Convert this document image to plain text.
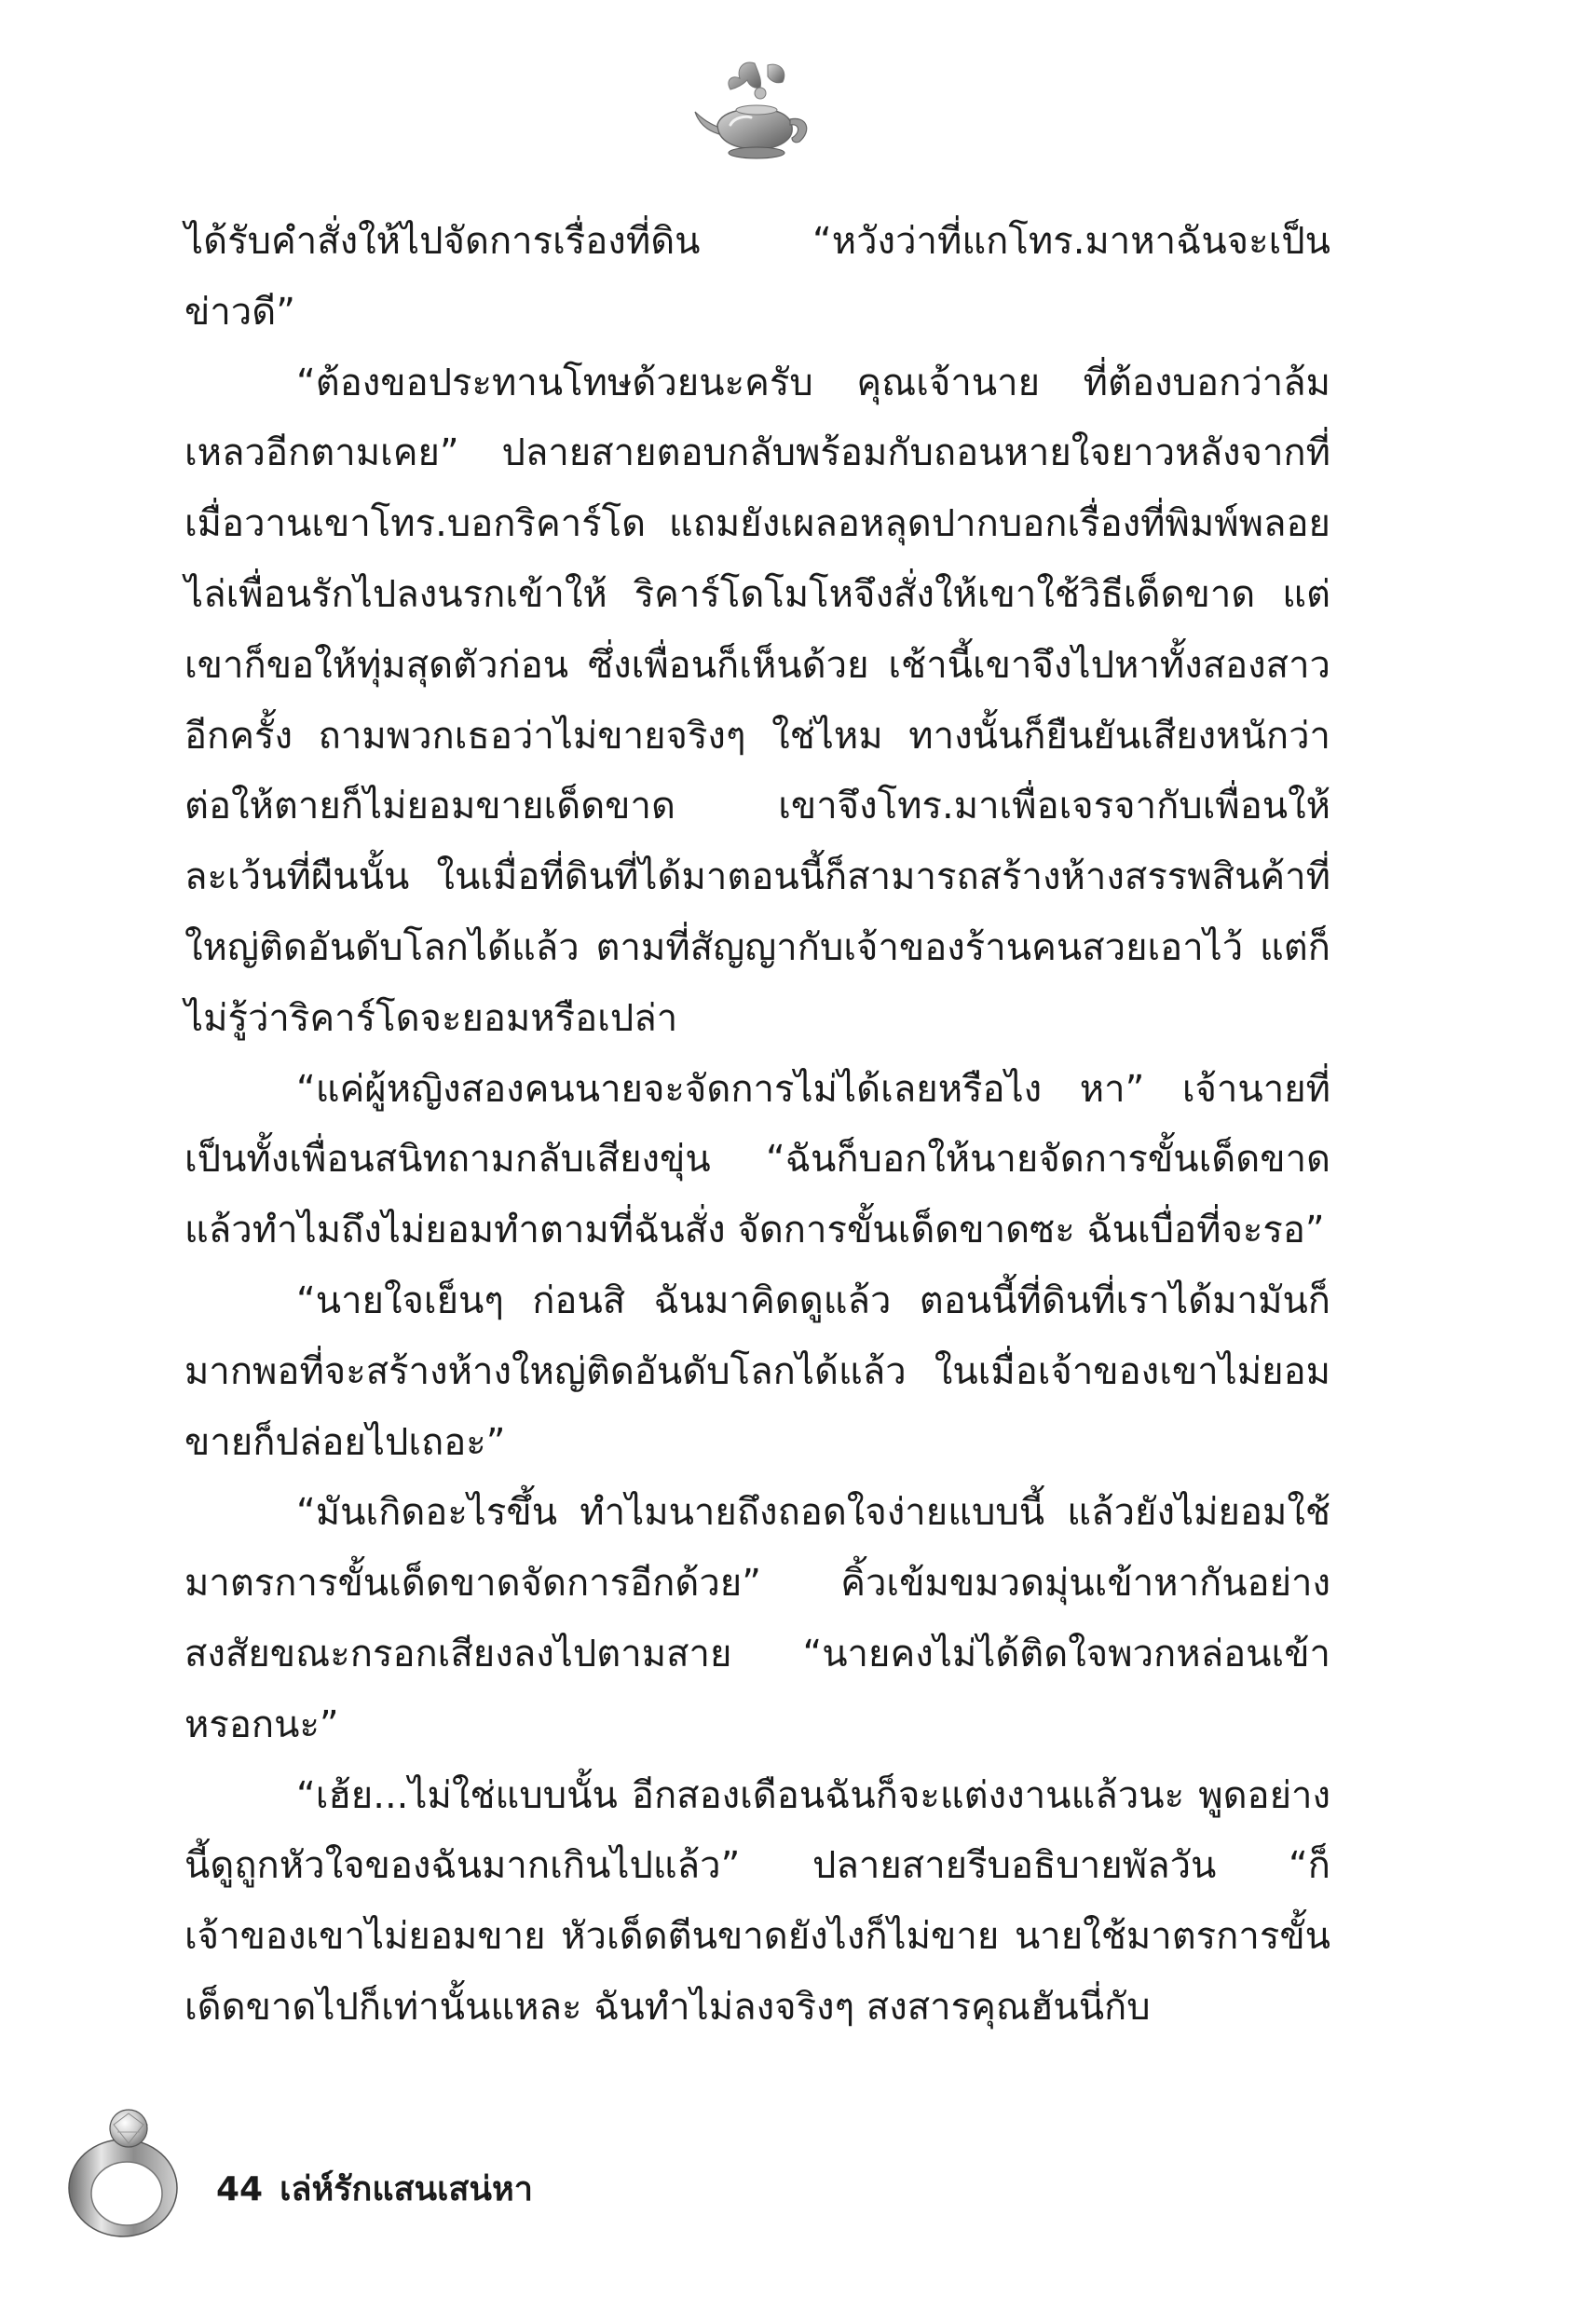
ได้รับคำสั่งให้ไปจัดการเรื่องที่ดิน “หวังว่าที่แกโทร.มาหาฉันจะเป็นข่าวดี”

“ต้องขอประทานโทษด้วยนะครับ คุณเจ้านาย ที่ต้องบอกว่าล้มเหลวอีกตามเคย” ปลายสายตอบกลับพร้อมกับถอนหายใจยาวหลังจากที่เมื่อวานเขาโทร.บอกริคาร์โด แถมยังเผลอหลุดปากบอกเรื่องที่พิมพ์พลอยไล่เพื่อนรักไปลงนรกเข้าให้ ริคาร์โดโมโหจึงสั่งให้เขาใช้วิธีเด็ดขาด แต่เขาก็ขอให้ทุ่มสุดตัวก่อน ซึ่งเพื่อนก็เห็นด้วย เช้านี้เขาจึงไปหาทั้งสองสาวอีกครั้ง ถามพวกเธอว่าไม่ขายจริงๆ ใช่ไหม ทางนั้นก็ยืนยันเสียงหนักว่า ต่อให้ตายก็ไม่ยอมขายเด็ดขาด เขาจึงโทร.มาเพื่อเจรจากับเพื่อนให้ละเว้นที่ผืนนั้น ในเมื่อที่ดินที่ได้มาตอนนี้ก็สามารถสร้างห้างสรรพสินค้าที่ใหญ่ติดอันดับโลกได้แล้ว ตามที่สัญญากับเจ้าของร้านคนสวยเอาไว้ แต่ก็ไม่รู้ว่าริคาร์โดจะยอมหรือเปล่า

“แค่ผู้หญิงสองคนนายจะจัดการไม่ได้เลยหรือไง หา” เจ้านายที่เป็นทั้งเพื่อนสนิทถามกลับเสียงขุ่น “ฉันก็บอกให้นายจัดการขั้นเด็ดขาดแล้วทำไมถึงไม่ยอมทำตามที่ฉันสั่ง จัดการขั้นเด็ดขาดซะ ฉันเบื่อที่จะรอ”

“นายใจเย็นๆ ก่อนสิ ฉันมาคิดดูแล้ว ตอนนี้ที่ดินที่เราได้มามันก็มากพอที่จะสร้างห้างใหญ่ติดอันดับโลกได้แล้ว ในเมื่อเจ้าของเขาไม่ยอมขายก็ปล่อยไปเถอะ”

“มันเกิดอะไรขึ้น ทำไมนายถึงถอดใจง่ายแบบนี้ แล้วยังไม่ยอมใช้มาตรการขั้นเด็ดขาดจัดการอีกด้วย” คิ้วเข้มขมวดมุ่นเข้าหากันอย่างสงสัยขณะกรอกเสียงลงไปตามสาย “นายคงไม่ได้ติดใจพวกหล่อนเข้าหรอกนะ”

“เฮ้ย...ไม่ใช่แบบนั้น อีกสองเดือนฉันก็จะแต่งงานแล้วนะ พูดอย่างนี้ดูถูกหัวใจของฉันมากเกินไปแล้ว” ปลายสายรีบอธิบายพัลวัน “ก็เจ้าของเขาไม่ยอมขาย หัวเด็ดตีนขาดยังไงก็ไม่ขาย นายใช้มาตรการขั้นเด็ดขาดไปก็เท่านั้นแหละ ฉันทำไม่ลงจริงๆ สงสารคุณฮันนี่กับ

44 เล่ห์รักแสนเสน่หา
